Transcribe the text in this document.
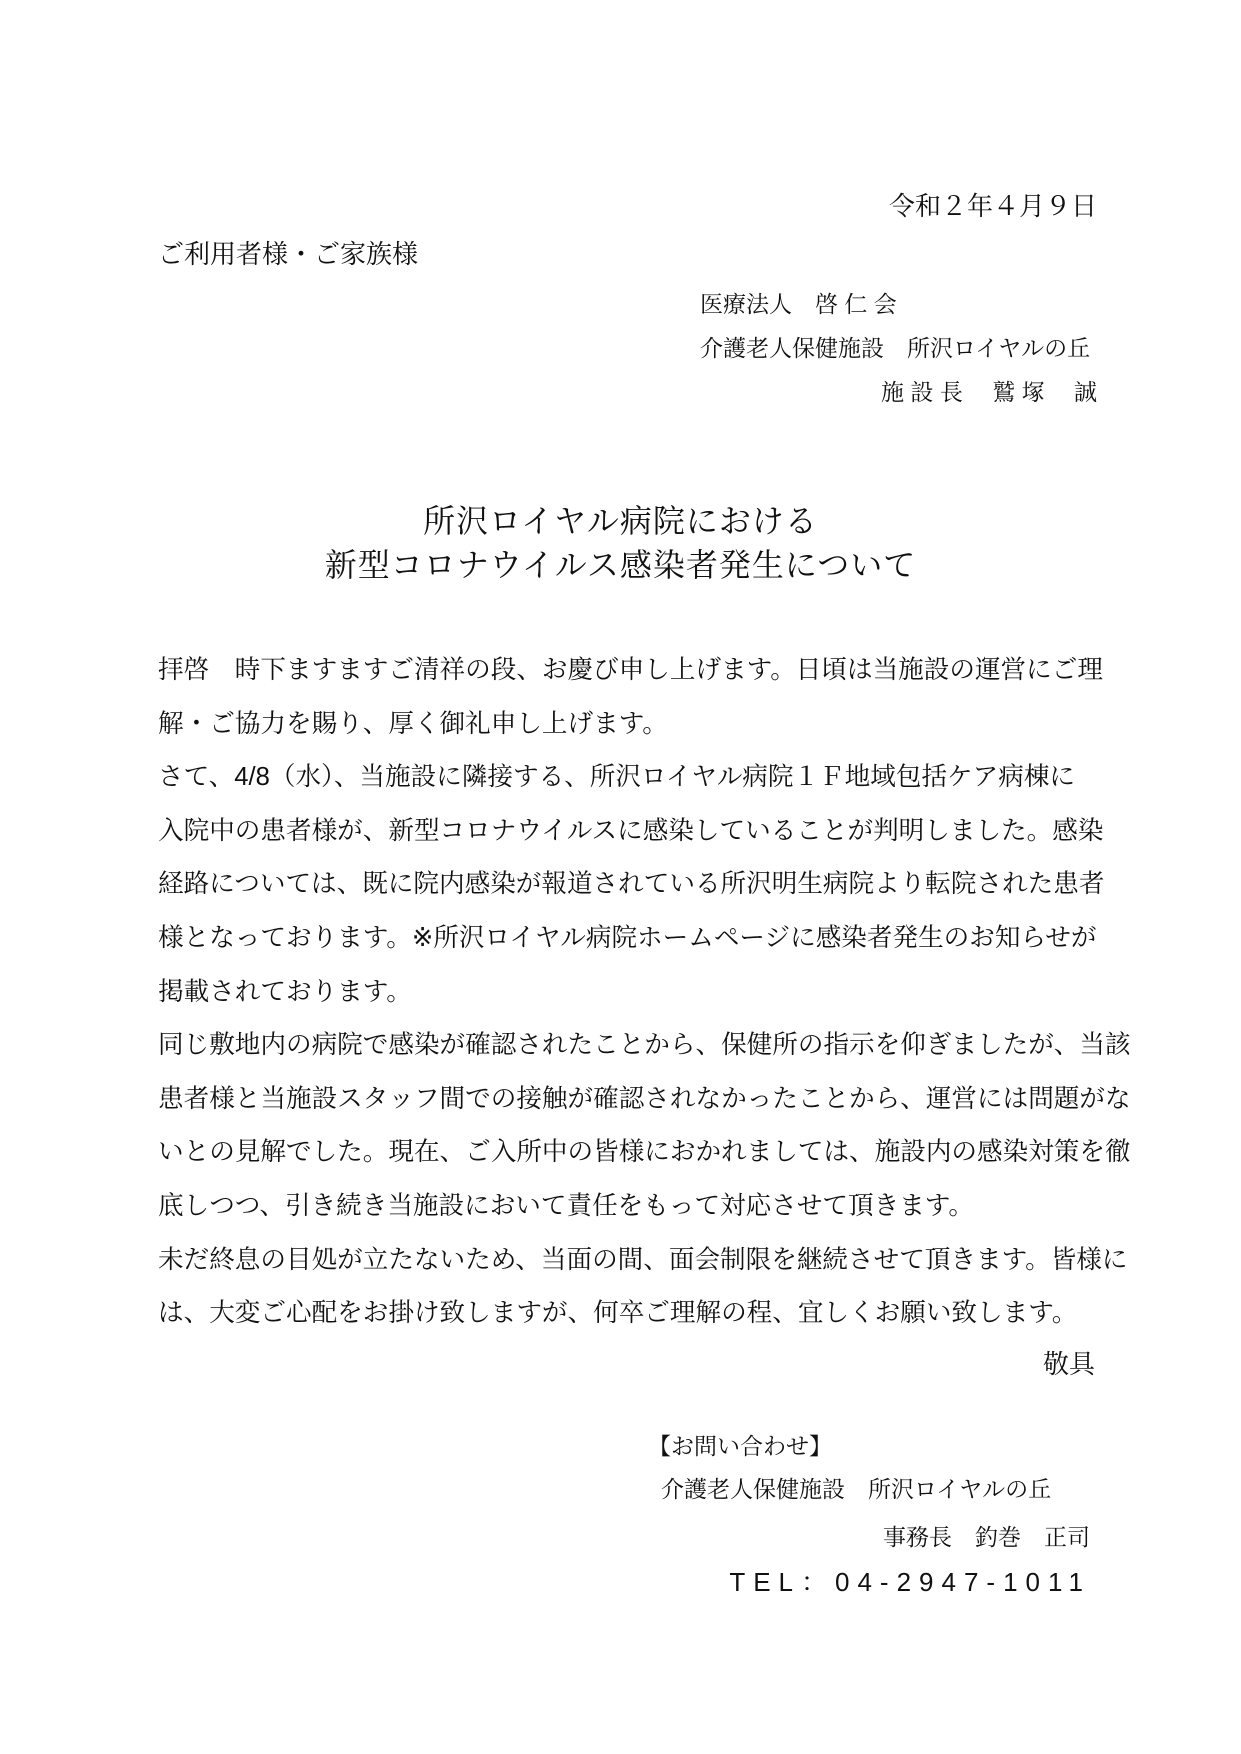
令和２年４月９日
ご利用者様・ご家族様
医療法人　啓 仁 会
介護老人保健施設　所沢ロイヤルの丘
施 設 長　 鷲 塚　 誠
所沢ロイヤル病院における
新型コロナウイルス感染者発生について
拝啓　時下ますますご清祥の段、お慶び申し上げます。日頃は当施設の運営にご理
解・ご協力を賜り、厚く御礼申し上げます。
さて、4/8（水）、当施設に隣接する、所沢ロイヤル病院１Ｆ地域包括ケア病棟に
入院中の患者様が、新型コロナウイルスに感染していることが判明しました。感染
経路については、既に院内感染が報道されている所沢明生病院より転院された患者
様となっております。※所沢ロイヤル病院ホームページに感染者発生のお知らせが
掲載されております。
同じ敷地内の病院で感染が確認されたことから、保健所の指示を仰ぎましたが、当該
患者様と当施設スタッフ間での接触が確認されなかったことから、運営には問題がな
いとの見解でした。現在、ご入所中の皆様におかれましては、施設内の感染対策を徹
底しつつ、引き続き当施設において責任をもって対応させて頂きます。
未だ終息の目処が立たないため、当面の間、面会制限を継続させて頂きます。皆様に
は、大変ご心配をお掛け致しますが、何卒ご理解の程、宜しくお願い致します。
敬具
【お問い合わせ】
介護老人保健施設　所沢ロイヤルの丘
事務長　釣巻　正司
TEL：04-2947-1011
